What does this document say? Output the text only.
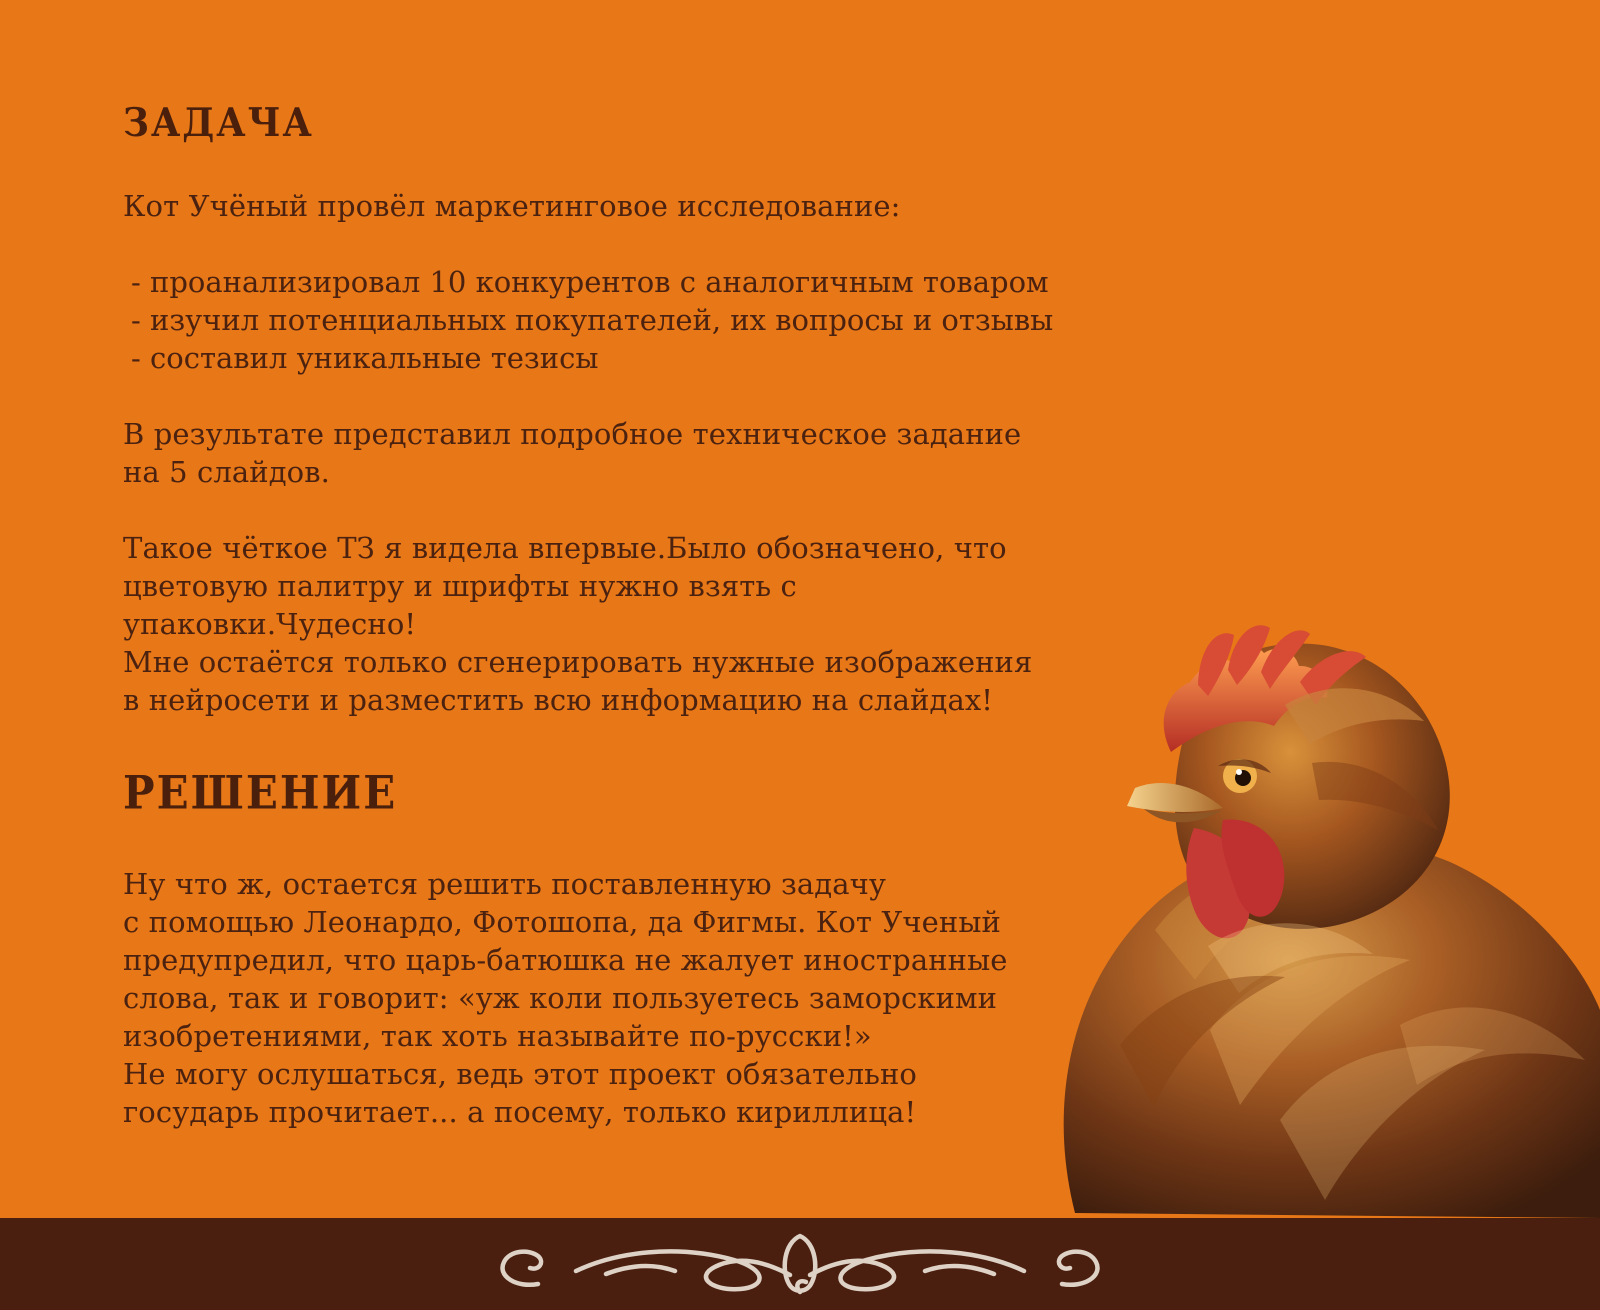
ЗАДАЧА

Кот Учёный провёл маркетинговое исследование:

- проанализировал 10 конкурентов с аналогичным товаром
- изучил потенциальных покупателей, их вопросы и отзывы
- составил уникальные тезисы

В результате представил подробное техническое задание
на 5 слайдов.

Такое чёткое ТЗ я видела впервые.Было обозначено, что
цветовую палитру и шрифты нужно взять с упаковки.Чудесно!
Мне остаётся только сгенерировать нужные изображения
в нейросети и разместить всю информацию на слайдах!

РЕШЕНИЕ

Ну что ж, остается решить поставленную задачу
с помощью Леонардо, Фотошопа, да Фигмы. Кот Ученый
предупредил, что царь-батюшка не жалует иностранные
слова, так и говорит: «уж коли пользуетесь заморскими
изобретениями, так хоть называйте по-русски!»
Не могу ослушаться, ведь этот проект обязательно
государь прочитает... а посему, только кириллица!
